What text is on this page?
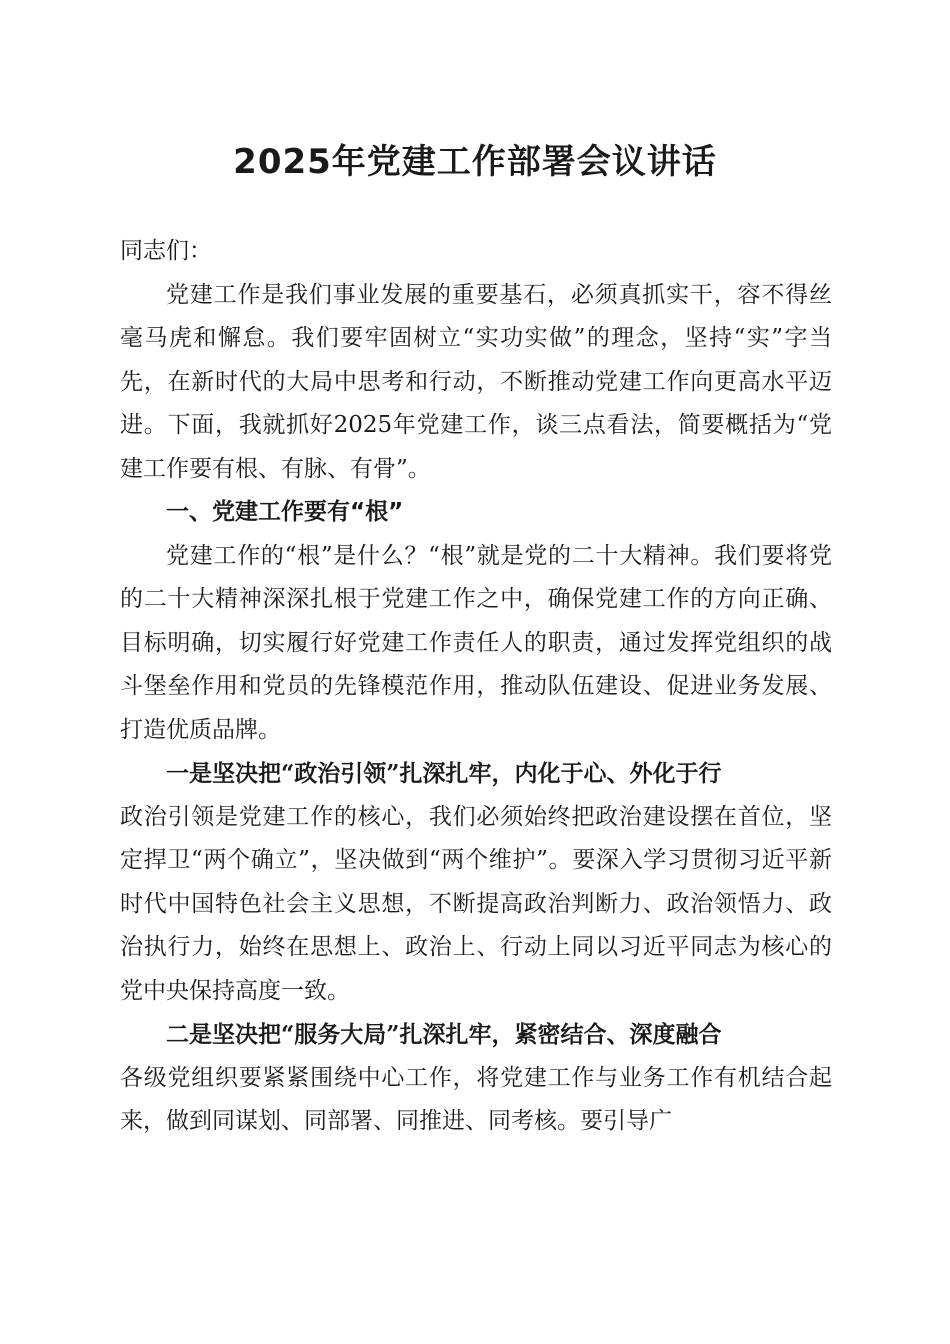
2025年党建工作部署会议讲话

同志们：

党建工作是我们事业发展的重要基石，必须真抓实干，容不得丝毫马虎和懈怠。我们要牢固树立“实功实做”的理念，坚持“实”字当先，在新时代的大局中思考和行动，不断推动党建工作向更高水平迈进。下面，我就抓好2025年党建工作，谈三点看法，简要概括为“党建工作要有根、有脉、有骨”。

一、党建工作要有“根”

党建工作的“根”是什么？“根”就是党的二十大精神。我们要将党的二十大精神深深扎根于党建工作之中，确保党建工作的方向正确、目标明确，切实履行好党建工作责任人的职责，通过发挥党组织的战斗堡垒作用和党员的先锋模范作用，推动队伍建设、促进业务发展、打造优质品牌。

一是坚决把“政治引领”扎深扎牢，内化于心、外化于行

政治引领是党建工作的核心，我们必须始终把政治建设摆在首位，坚定捍卫“两个确立”，坚决做到“两个维护”。要深入学习贯彻习近平新时代中国特色社会主义思想，不断提高政治判断力、政治领悟力、政治执行力，始终在思想上、政治上、行动上同以习近平同志为核心的党中央保持高度一致。

二是坚决把“服务大局”扎深扎牢，紧密结合、深度融合

各级党组织要紧紧围绕中心工作，将党建工作与业务工作有机结合起来，做到同谋划、同部署、同推进、同考核。要引导广
